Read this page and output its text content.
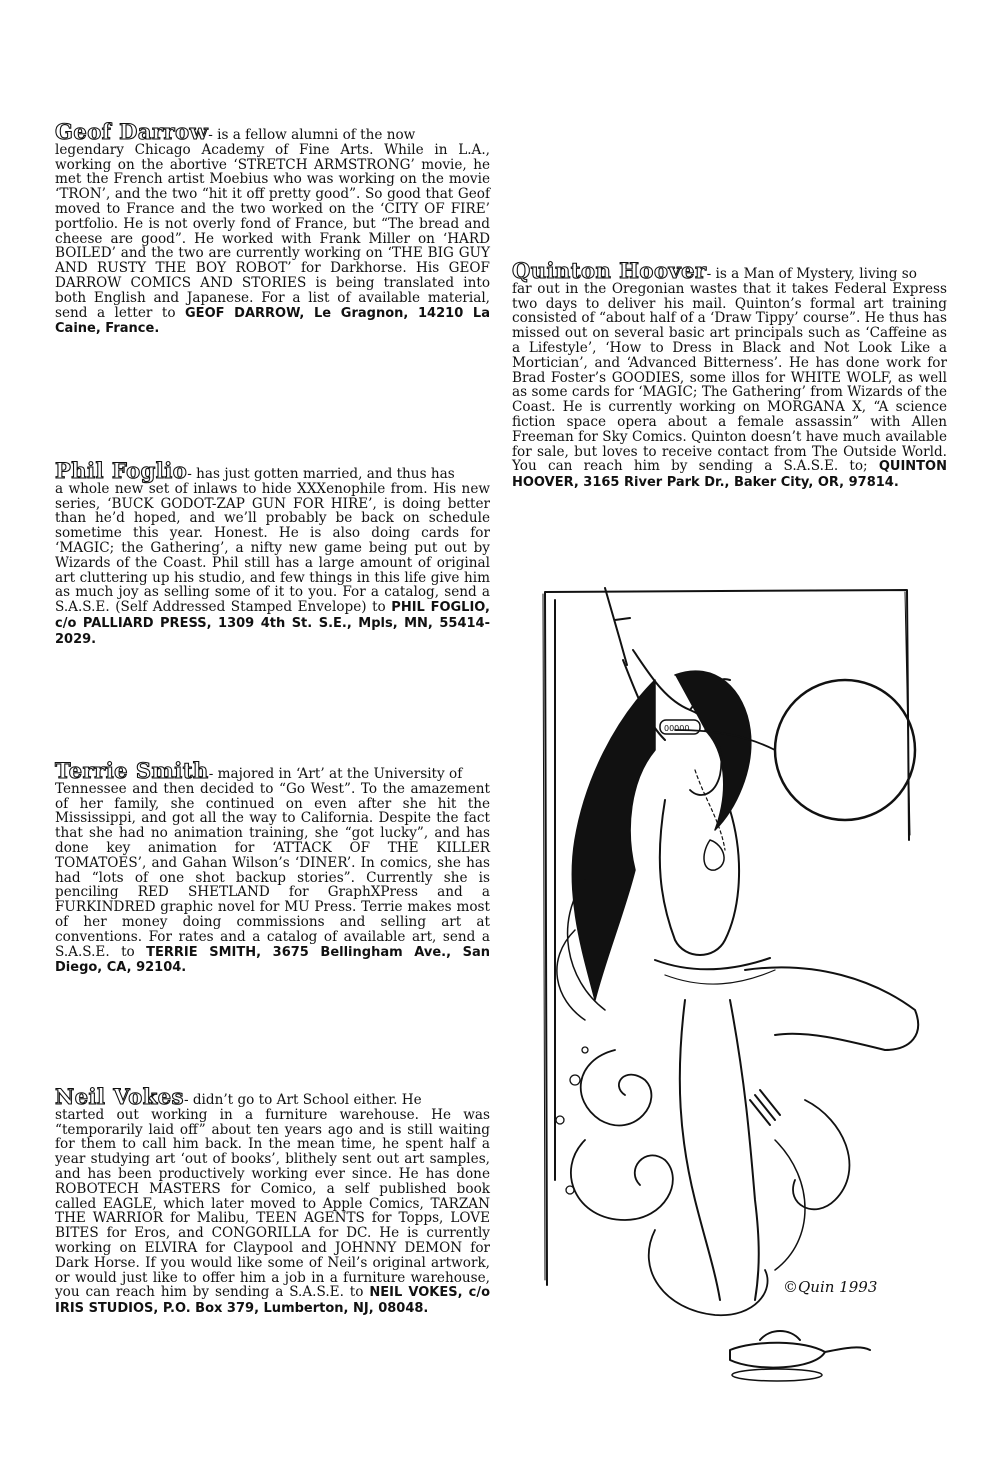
Geof Darrow- is a fellow alumni of the now

legendary Chicago Academy of Fine Arts. While in L.A., working on the abortive ‘STRETCH ARMSTRONG’ movie, he met the French artist Moebius who was working on the movie ‘TRON’, and the two “hit it off pretty good”. So good that Geof moved to France and the two worked on the ‘CITY OF FIRE’ portfolio. He is not overly fond of France, but “The bread and cheese are good”. He worked with Frank Miller on ‘HARD BOILED’ and the two are currently working on ‘THE BIG GUY AND RUSTY THE BOY ROBOT’ for Darkhorse. His GEOF DARROW COMICS AND STORIES is being translated into both English and Japanese. For a list of available material, send a letter to GEOF DARROW, Le Gragnon, 14210 La Caine, France.

Phil Foglio- has just gotten married, and thus has

a whole new set of inlaws to hide XXXenophile from. His new series, ‘BUCK GODOT-ZAP GUN FOR HIRE’, is doing better than he’d hoped, and we’ll probably be back on schedule sometime this year. Honest. He is also doing cards for ‘MAGIC; the Gathering’, a nifty new game being put out by Wizards of the Coast. Phil still has a large amount of original art cluttering up his studio, and few things in this life give him as much joy as selling some of it to you. For a catalog, send a S.A.S.E. (Self Addressed Stamped Envelope) to PHIL FOGLIO, c/o PALLIARD PRESS, 1309 4th St. S.E., Mpls, MN, 55414-2029.

Terrie Smith- majored in ‘Art’ at the University of

Tennessee and then decided to “Go West”. To the amazement of her family, she continued on even after she hit the Mississippi, and got all the way to California. Despite the fact that she had no animation training, she “got lucky”, and has done key animation for ‘ATTACK OF THE KILLER TOMATOES’, and Gahan Wilson’s ‘DINER’. In comics, she has had “lots of one shot backup stories”. Currently she is penciling RED SHETLAND for GraphXPress and a FURKINDRED graphic novel for MU Press. Terrie makes most of her money doing commissions and selling art at conventions. For rates and a catalog of available art, send a S.A.S.E. to TERRIE SMITH, 3675 Bellingham Ave., San Diego, CA, 92104.

Neil Vokes- didn’t go to Art School either. He

started out working in a furniture warehouse. He was “temporarily laid off” about ten years ago and is still waiting for them to call him back. In the mean time, he spent half a year studying art ‘out of books’, blithely sent out art samples, and has been productively working ever since. He has done ROBOTECH MASTERS for Comico, a self published book called EAGLE, which later moved to Apple Comics, TARZAN THE WARRIOR for Malibu, TEEN AGENTS for Topps, LOVE BITES for Eros, and CONGORILLA for DC. He is currently working on ELVIRA for Claypool and JOHNNY DEMON for Dark Horse. If you would like some of Neil’s original artwork, or would just like to offer him a job in a furniture warehouse, you can reach him by sending a S.A.S.E. to NEIL VOKES, c/o IRIS STUDIOS, P.O. Box 379, Lumberton, NJ, 08048.

Quinton Hoover- is a Man of Mystery, living so

far out in the Oregonian wastes that it takes Federal Express two days to deliver his mail. Quinton’s formal art training consisted of “about half of a ‘Draw Tippy’ course”. He thus has missed out on several basic art principals such as ‘Caffeine as a Lifestyle’, ‘How to Dress in Black and Not Look Like a Mortician’, and ‘Advanced Bitterness’. He has done work for Brad Foster’s GOODIES, some illos for WHITE WOLF, as well as some cards for ‘MAGIC; The Gathering’ from Wizards of the Coast. He is currently working on MORGANA X, “A science fiction space opera about a female assassin” with Allen Freeman for Sky Comics. Quinton doesn’t have much available for sale, but loves to receive contact from The Outside World. You can reach him by sending a S.A.S.E. to; QUINTON HOOVER, 3165 River Park Dr., Baker City, OR, 97814.

©Quin 1993
00000
